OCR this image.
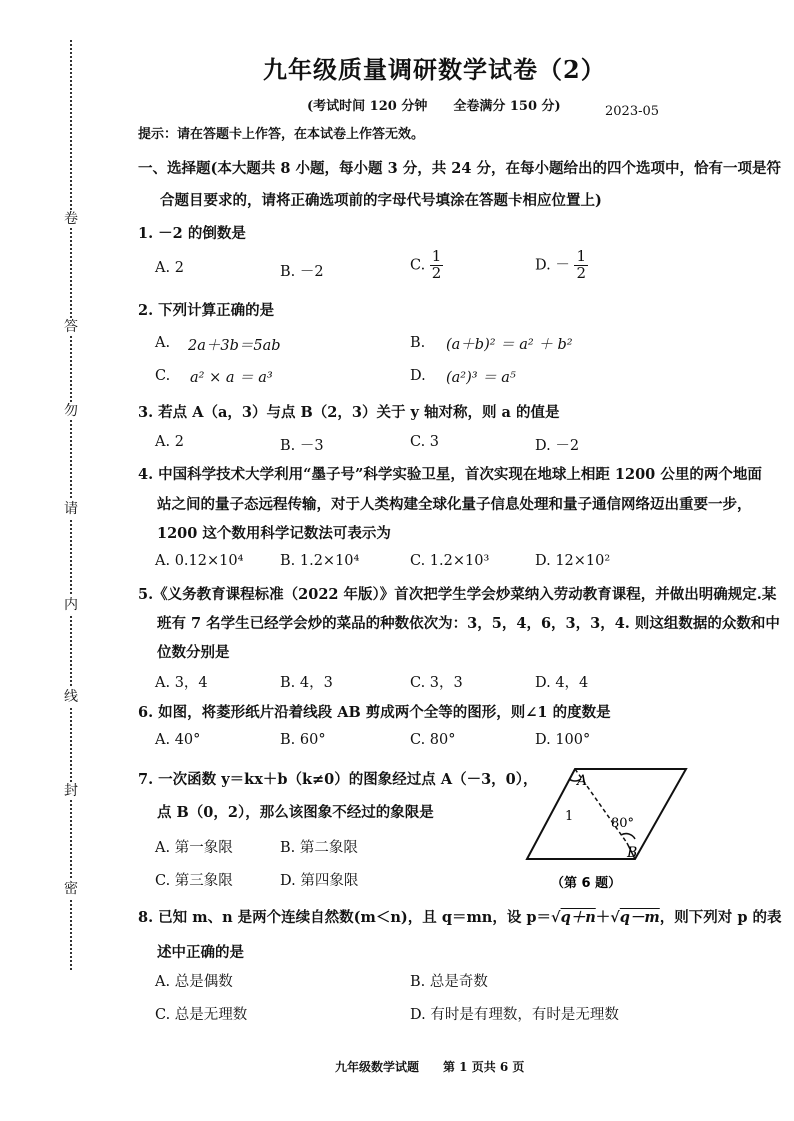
卷
答
勿
请
内
线
封
密
九年级质量调研数学试卷（2）
(考试时间 120 分钟　　全卷满分 150 分)	2023-05
提示：请在答题卡上作答，在本试卷上作答无效。
一、选择题(本大题共 8 小题，每小题 3 分，共 24 分，在每小题给出的四个选项中，恰有一项是符
合题目要求的，请将正确选项前的字母代号填涂在答题卡相应位置上)
1. －2 的倒数是
A. 2	B. －2	C. $\frac{1}{2}$	D. － $\frac{1}{2}$
2. 下列计算正确的是
A. 2a＋3b＝5ab	B. (a＋b)² ＝ a² ＋ b²
C. a² × a ＝ a³	D. (a²)³ ＝ a⁵
3. 若点 A（a，3）与点 B（2，3）关于 y 轴对称，则 a 的值是
A. 2	B. －3	C. 3	D. －2
4. 中国科学技术大学利用“墨子号”科学实验卫星，首次实现在地球上相距 1200 公里的两个地面
站之间的量子态远程传输，对于人类构建全球化量子信息处理和量子通信网络迈出重要一步，
1200 这个数用科学记数法可表示为
A. 0.12×10⁴	B. 1.2×10⁴	C. 1.2×10³	D. 12×10²
5.《义务教育课程标准（2022 年版）》首次把学生学会炒菜纳入劳动教育课程，并做出明确规定.某
班有 7 名学生已经学会炒的菜品的种数依次为：3，5，4，6，3，3，4. 则这组数据的众数和中
位数分别是
A. 3，4	B. 4，3	C. 3，3	D. 4，4
6. 如图，将菱形纸片沿着线段 AB 剪成两个全等的图形，则∠1 的度数是
A. 40°	B. 60°	C. 80°	D. 100°
7. 一次函数 y＝kx＋b（k≠0）的图象经过点 A（－3，0），
点 B（0，2），那么该图象不经过的象限是
A. 第一象限	B. 第二象限
C. 第三象限	D. 第四象限
A
1	80°
B
（第 6 题）
8. 已知 m、n 是两个连续自然数(m＜n)，且 q＝mn，设 p＝√q＋n＋√q－m，则下列对 p 的表
述中正确的是
A. 总是偶数	B. 总是奇数
C. 总是无理数	D. 有时是有理数，有时是无理数
九年级数学试题　　第 1 页共 6 页
